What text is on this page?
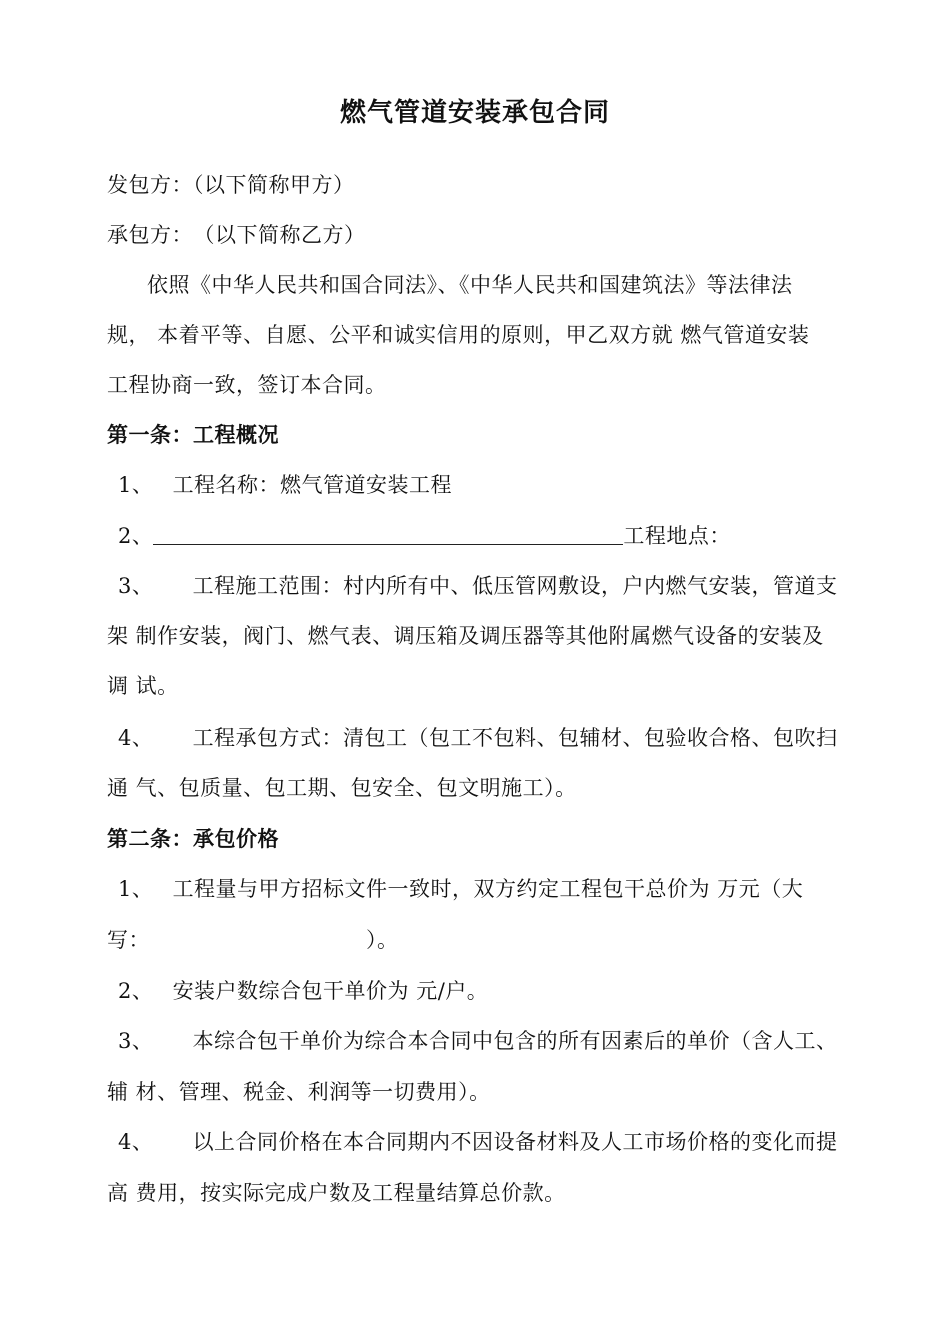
燃气管道安装承包合同
发包方：（以下简称甲方）
承包方：　（以下简称乙方）
依照《中华人民共和国合同法》、《中华人民共和国建筑法》等法律法
规， 本着平等、自愿、公平和诚实信用的原则，甲乙双方就 燃气管道安装
工程协商一致，签订本合同。
第一条：工程概况
1、 工程名称：燃气管道安装工程
2、	工程地点：
3、 工程施工范围：村内所有中、低压管网敷设，户内燃气安装，管道支
架 制作安装，阀门、燃气表、调压箱及调压器等其他附属燃气设备的安装及
调 试。
4、 工程承包方式：清包工（包工不包料、包辅材、包验收合格、包吹扫
通 气、包质量、包工期、包安全、包文明施工）。
第二条：承包价格
1、 工程量与甲方招标文件一致时，双方约定工程包干总价为 万元（大
写：	）。
2、 安装户数综合包干单价为 元/户。
3、 本综合包干单价为综合本合同中包含的所有因素后的单价（含人工、
辅 材、管理、税金、利润等一切费用）。
4、 以上合同价格在本合同期内不因设备材料及人工市场价格的变化而提
高 费用，按实际完成户数及工程量结算总价款。
